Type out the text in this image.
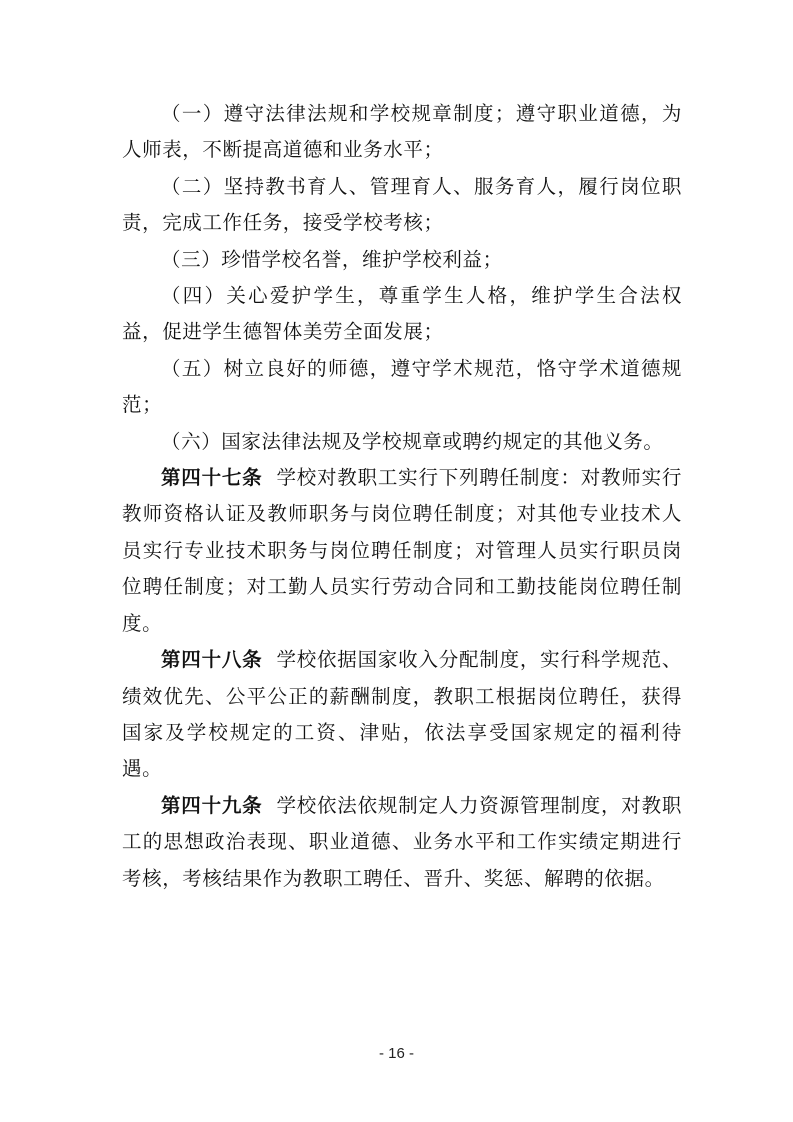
（一）遵守法律法规和学校规章制度；遵守职业道德，为人师表，不断提高道德和业务水平；

（二）坚持教书育人、管理育人、服务育人，履行岗位职责，完成工作任务，接受学校考核；

（三）珍惜学校名誉，维护学校利益；

（四）关心爱护学生，尊重学生人格，维护学生合法权益，促进学生德智体美劳全面发展；

（五）树立良好的师德，遵守学术规范，恪守学术道德规范；

（六）国家法律法规及学校规章或聘约规定的其他义务。

第四十七条 学校对教职工实行下列聘任制度：对教师实行教师资格认证及教师职务与岗位聘任制度；对其他专业技术人员实行专业技术职务与岗位聘任制度；对管理人员实行职员岗位聘任制度；对工勤人员实行劳动合同和工勤技能岗位聘任制度。

第四十八条 学校依据国家收入分配制度，实行科学规范、绩效优先、公平公正的薪酬制度，教职工根据岗位聘任，获得国家及学校规定的工资、津贴，依法享受国家规定的福利待遇。

第四十九条 学校依法依规制定人力资源管理制度，对教职工的思想政治表现、职业道德、业务水平和工作实绩定期进行考核，考核结果作为教职工聘任、晋升、奖惩、解聘的依据。

- 16 -
